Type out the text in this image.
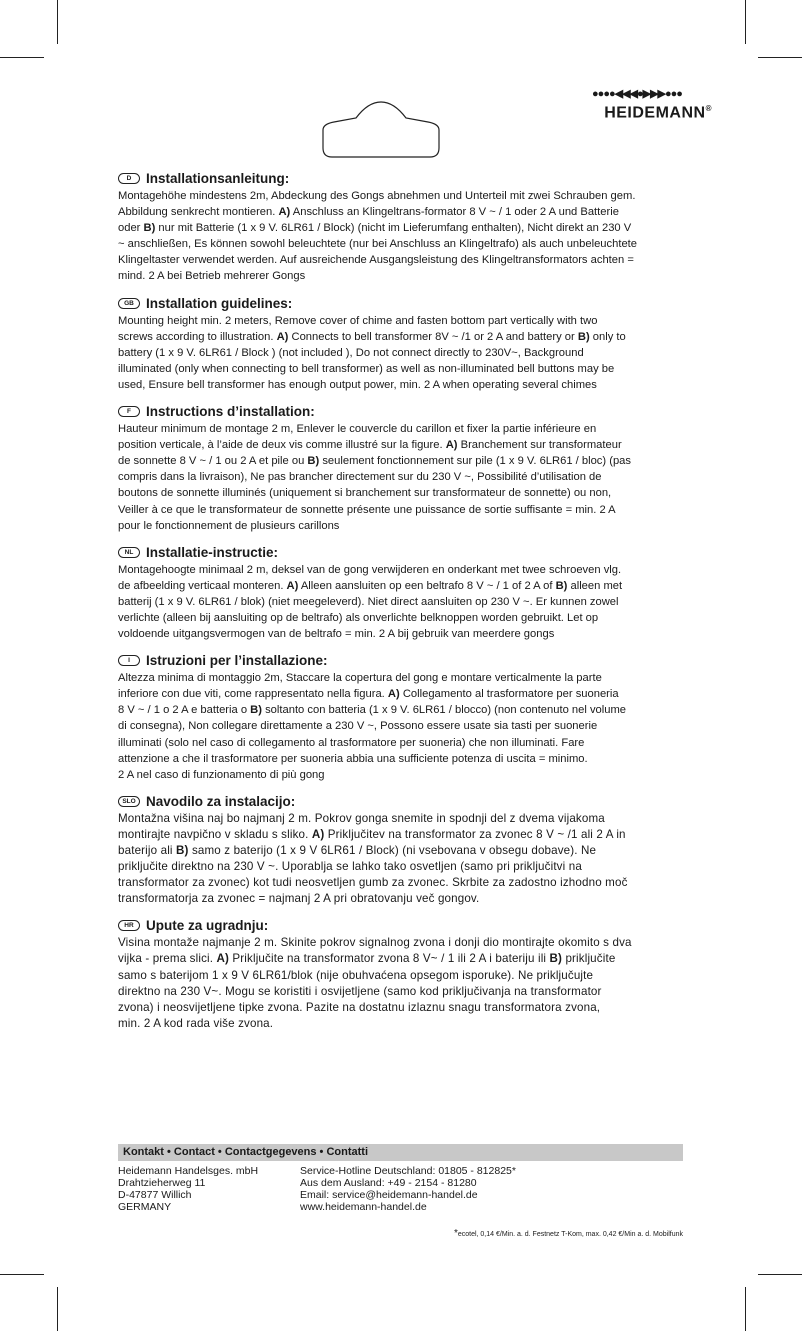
●●●●◀◀◀●▶▶▶●●●
HEIDEMANN®
D	Installationsanleitung:
Montagehöhe mindestens 2m, Abdeckung des Gongs abnehmen und Unterteil mit zwei Schrauben gem.
Abbildung senkrecht montieren. A) Anschluss an Klingeltrans-formator 8 V ~ / 1 oder 2 A und Batterie
oder B) nur mit Batterie (1 x 9 V. 6LR61 / Block) (nicht im Lieferumfang enthalten), Nicht direkt an 230 V
~ anschließen, Es können sowohl beleuchtete (nur bei Anschluss an Klingeltrafo) als auch unbeleuchtete
Klingeltaster verwendet werden. Auf ausreichende Ausgangsleistung des Klingeltransformators achten =
mind. 2 A bei Betrieb mehrerer Gongs
GB Installation guidelines:
Mounting height min. 2 meters, Remove cover of chime and fasten bottom part vertically with two
screws according to illustration. A) Connects to bell transformer 8V ~ /1 or 2 A and battery or B) only to
battery (1 x 9 V. 6LR61 / Block ) (not included ), Do not connect directly to 230V~, Background
illuminated (only when connecting to bell transformer) as well as non-illuminated bell buttons may be
used, Ensure bell transformer has enough output power, min. 2 A when operating several chimes
F	Instructions d’installation:
Hauteur minimum de montage 2 m, Enlever le couvercle du carillon et fixer la partie inférieure en
position verticale, à l’aide de deux vis comme illustré sur la figure. A) Branchement sur transformateur
de sonnette 8 V ~ / 1 ou 2 A et pile ou B) seulement fonctionnement sur pile (1 x 9 V. 6LR61 / bloc) (pas
compris dans la livraison), Ne pas brancher directement sur du 230 V ~, Possibilité d’utilisation de
boutons de sonnette illuminés (uniquement si branchement sur transformateur de sonnette) ou non,
Veiller à ce que le transformateur de sonnette présente une puissance de sortie suffisante = min. 2 A
pour le fonctionnement de plusieurs carillons
NL Installatie-instructie:
Montagehoogte minimaal 2 m, deksel van de gong verwijderen en onderkant met twee schroeven vlg.
de afbeelding verticaal monteren. A) Alleen aansluiten op een beltrafo 8 V ~ / 1 of 2 A of B) alleen met
batterij (1 x 9 V. 6LR61 / blok) (niet meegeleverd). Niet direct aansluiten op 230 V ~. Er kunnen zowel
verlichte (alleen bij aansluiting op de beltrafo) als onverlichte belknoppen worden gebruikt. Let op
voldoende uitgangsvermogen van de beltrafo = min. 2 A bij gebruik van meerdere gongs
I	Istruzioni per l’installazione:
Altezza minima di montaggio 2m, Staccare la copertura del gong e montare verticalmente la parte
inferiore con due viti, come rappresentato nella figura. A) Collegamento al trasformatore per suoneria
8 V ~ / 1 o 2 A e batteria o B) soltanto con batteria (1 x 9 V. 6LR61 / blocco) (non contenuto nel volume
di consegna), Non collegare direttamente a 230 V ~, Possono essere usate sia tasti per suonerie
illuminati (solo nel caso di collegamento al trasformatore per suoneria) che non illuminati. Fare
attenzione a che il trasformatore per suoneria abbia una sufficiente potenza di uscita = minimo.
2 A nel caso di funzionamento di più gong
SLO Navodilo za instalacijo:
Montažna višina naj bo najmanj 2 m. Pokrov gonga snemite in spodnji del z dvema vijakoma
montirajte navpično v skladu s sliko. A) Priključitev na transformator za zvonec 8 V ~ /1 ali 2 A in
baterijo ali B) samo z baterijo (1 x 9 V 6LR61 / Block) (ni vsebovana v obsegu dobave). Ne
priključite direktno na 230 V ~. Uporablja se lahko tako osvetljen (samo pri priključitvi na
transformator za zvonec) kot tudi neosvetljen gumb za zvonec. Skrbite za zadostno izhodno moč
transformatorja za zvonec = najmanj 2 A pri obratovanju več gongov.
HR Upute za ugradnju:
Visina montaže najmanje 2 m. Skinite pokrov signalnog zvona i donji dio montirajte okomito s dva
vijka - prema slici. A) Priključite na transformator zvona 8 V~ / 1 ili 2 A i bateriju ili B) priključite
samo s baterijom 1 x 9 V 6LR61/blok (nije obuhvaćena opsegom isporuke). Ne priključujte
direktno na 230 V~. Mogu se koristiti i osvijetljene (samo kod priključivanja na transformator
zvona) i neosvijetljene tipke zvona. Pazite na dostatnu izlaznu snagu transformatora zvona,
min. 2 A kod rada više zvona.
Kontakt • Contact • Contactgegevens • Contatti
Heidemann Handelsges. mbH
Drahtzieherweg 11
D-47877 Willich
GERMANY
Service-Hotline Deutschland: 01805 - 812825*
Aus dem Ausland: +49 - 2154 - 81280
Email: service@heidemann-handel.de
www.heidemann-handel.de
*ecotel, 0,14 €/Min. a. d. Festnetz T-Kom, max. 0,42 €/Min a. d. Mobilfunk
